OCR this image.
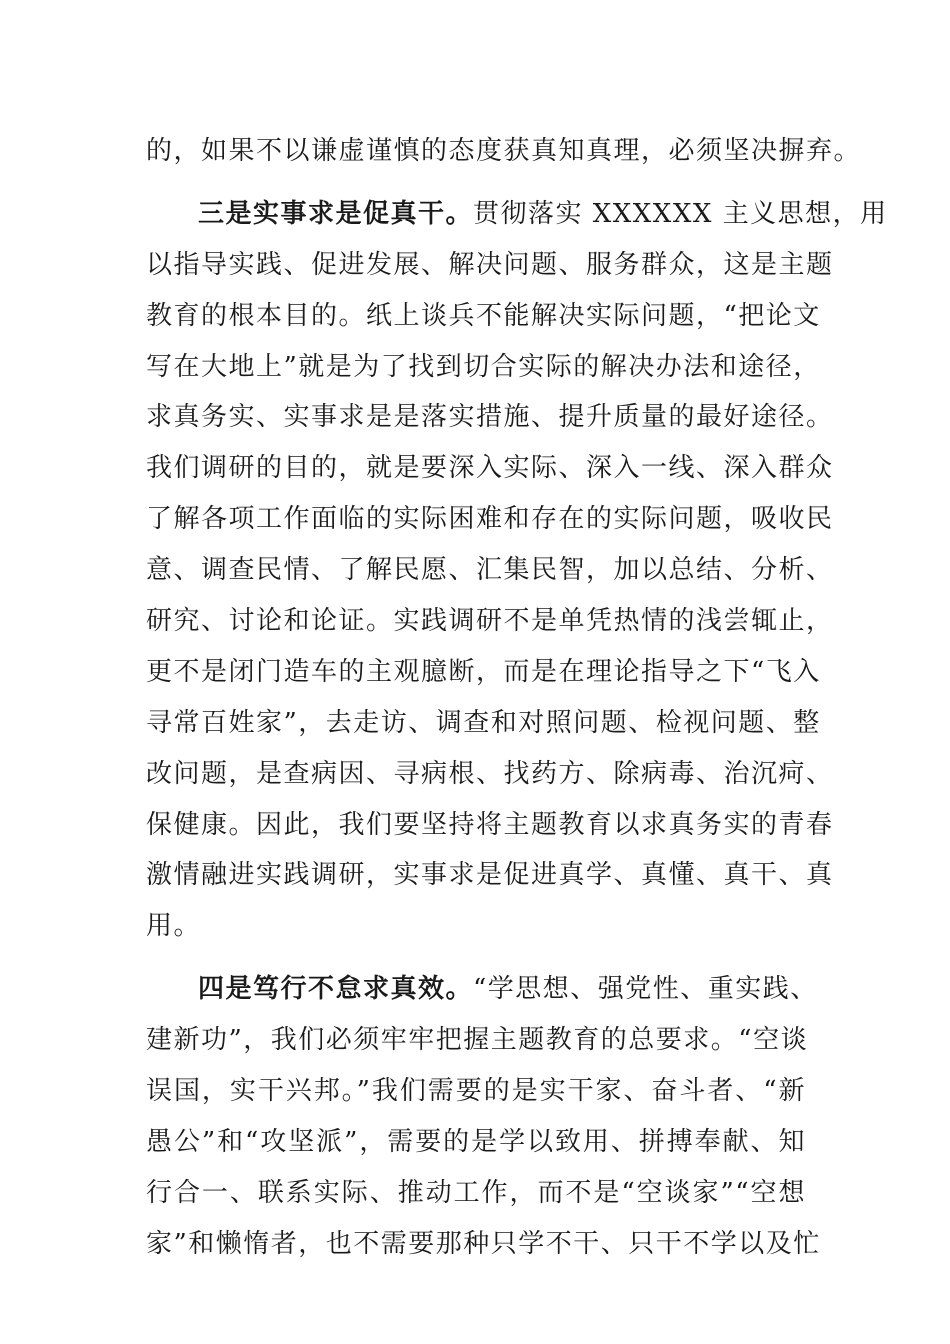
的，如果不以谦虚谨慎的态度获真知真理，必须坚决摒弃。
三是实事求是促真干。贯彻落实 XXXXXX 主义思想，用
以指导实践、促进发展、解决问题、服务群众，这是主题
教育的根本目的。纸上谈兵不能解决实际问题，“把论文
写在大地上”就是为了找到切合实际的解决办法和途径，
求真务实、实事求是是落实措施、提升质量的最好途径。
我们调研的目的，就是要深入实际、深入一线、深入群众
了解各项工作面临的实际困难和存在的实际问题，吸收民
意、调查民情、了解民愿、汇集民智，加以总结、分析、
研究、讨论和论证。实践调研不是单凭热情的浅尝辄止，
更不是闭门造车的主观臆断，而是在理论指导之下“飞入
寻常百姓家”，去走访、调查和对照问题、检视问题、整
改问题，是查病因、寻病根、找药方、除病毒、治沉疴、
保健康。因此，我们要坚持将主题教育以求真务实的青春
激情融进实践调研，实事求是促进真学、真懂、真干、真
用。
四是笃行不怠求真效。“学思想、强党性、重实践、
建新功”，我们必须牢牢把握主题教育的总要求。“空谈
误国，实干兴邦。”我们需要的是实干家、奋斗者、“新
愚公”和“攻坚派”，需要的是学以致用、拼搏奉献、知
行合一、联系实际、推动工作，而不是“空谈家”“空想
家”和懒惰者，也不需要那种只学不干、只干不学以及忙
